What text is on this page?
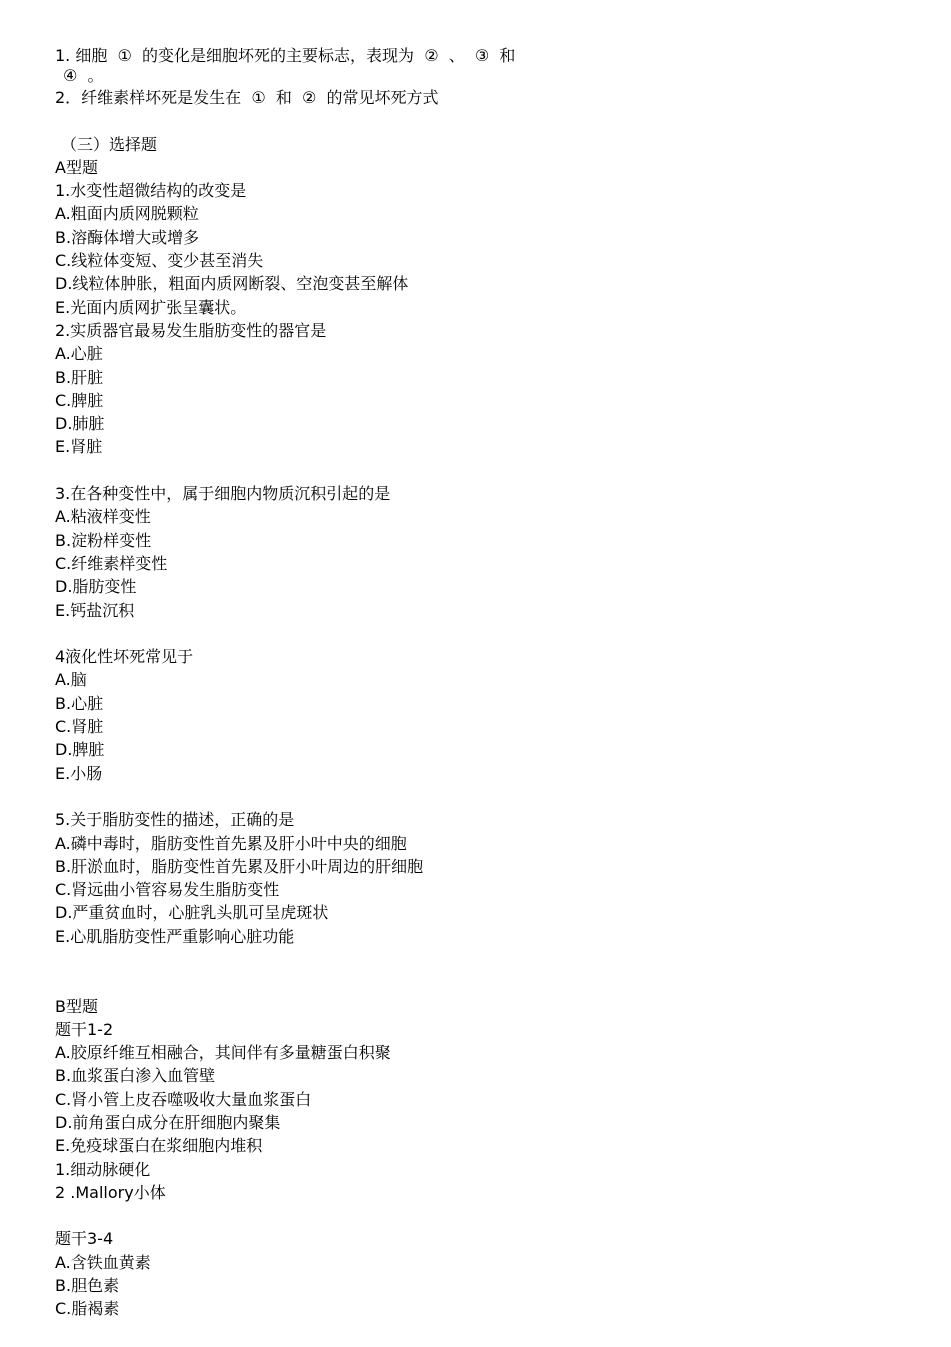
1. 细胞  ①  的变化是细胞坏死的主要标志，表现为  ②  、  ③  和
④  。
2．纤维素样坏死是发生在  ①  和  ②  的常见坏死方式
（三）选择题
A型题
1.水变性超微结构的改变是
A.粗面内质网脱颗粒
B.溶酶体增大或增多
C.线粒体变短、变少甚至消失
D.线粒体肿胀，粗面内质网断裂、空泡变甚至解体
E.光面内质网扩张呈囊状。
2.实质器官最易发生脂肪变性的器官是
A.心脏
B.肝脏
C.脾脏
D.肺脏
E.肾脏
3.在各种变性中，属于细胞内物质沉积引起的是
A.粘液样变性
B.淀粉样变性
C.纤维素样变性
D.脂肪变性
E.钙盐沉积
4液化性坏死常见于
A.脑
B.心脏
C.肾脏
D.脾脏
E.小肠
5.关于脂肪变性的描述，正确的是
A.磷中毒时，脂肪变性首先累及肝小叶中央的细胞
B.肝淤血时，脂肪变性首先累及肝小叶周边的肝细胞
C.肾远曲小管容易发生脂肪变性
D.严重贫血时，心脏乳头肌可呈虎斑状
E.心肌脂肪变性严重影响心脏功能
B型题
题干1-2
A.胶原纤维互相融合，其间伴有多量糖蛋白积聚
B.血浆蛋白渗入血管壁
C.肾小管上皮吞噬吸收大量血浆蛋白
D.前角蛋白成分在肝细胞内聚集
E.免疫球蛋白在浆细胞内堆积
1.细动脉硬化
2 .Mallory小体
题干3-4
A.含铁血黄素
B.胆色素
C.脂褐素
